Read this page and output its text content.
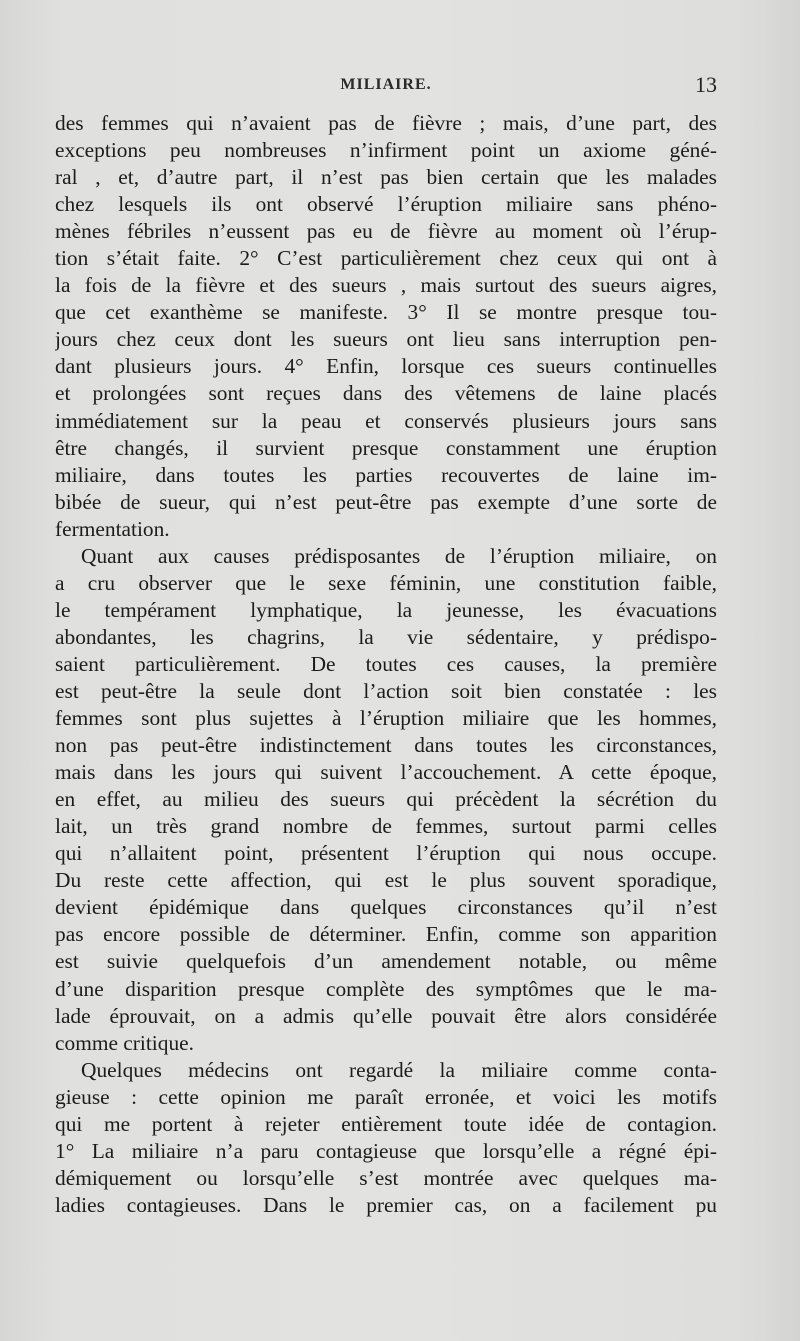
MILIAIRE.	13
des femmes qui n’avaient pas de fièvre ; mais, d’une part, des
exceptions peu nombreuses n’infirment point un axiome géné-
ral , et, d’autre part, il n’est pas bien certain que les malades
chez lesquels ils ont observé l’éruption miliaire sans phéno-
mènes fébriles n’eussent pas eu de fièvre au moment où l’érup-
tion s’était faite. 2° C’est particulièrement chez ceux qui ont à
la fois de la fièvre et des sueurs , mais surtout des sueurs aigres,
que cet exanthème se manifeste. 3° Il se montre presque tou-
jours chez ceux dont les sueurs ont lieu sans interruption pen-
dant plusieurs jours. 4° Enfin, lorsque ces sueurs continuelles
et prolongées sont reçues dans des vêtemens de laine placés
immédiatement sur la peau et conservés plusieurs jours sans
être changés, il survient presque constamment une éruption
miliaire, dans toutes les parties recouvertes de laine im-
bibée de sueur, qui n’est peut-être pas exempte d’une sorte de
fermentation.
Quant aux causes prédisposantes de l’éruption miliaire, on
a cru observer que le sexe féminin, une constitution faible,
le tempérament lymphatique, la jeunesse, les évacuations
abondantes, les chagrins, la vie sédentaire, y prédispo-
saient particulièrement. De toutes ces causes, la première
est peut-être la seule dont l’action soit bien constatée : les
femmes sont plus sujettes à l’éruption miliaire que les hommes,
non pas peut-être indistinctement dans toutes les circonstances,
mais dans les jours qui suivent l’accouchement. A cette époque,
en effet, au milieu des sueurs qui précèdent la sécrétion du
lait, un très grand nombre de femmes, surtout parmi celles
qui n’allaitent point, présentent l’éruption qui nous occupe.
Du reste cette affection, qui est le plus souvent sporadique,
devient épidémique dans quelques circonstances qu’il n’est
pas encore possible de déterminer. Enfin, comme son apparition
est suivie quelquefois d’un amendement notable, ou même
d’une disparition presque complète des symptômes que le ma-
lade éprouvait, on a admis qu’elle pouvait être alors considérée
comme critique.
Quelques médecins ont regardé la miliaire comme conta-
gieuse : cette opinion me paraît erronée, et voici les motifs
qui me portent à rejeter entièrement toute idée de contagion.
1° La miliaire n’a paru contagieuse que lorsqu’elle a régné épi-
démiquement ou lorsqu’elle s’est montrée avec quelques ma-
ladies contagieuses. Dans le premier cas, on a facilement pu
